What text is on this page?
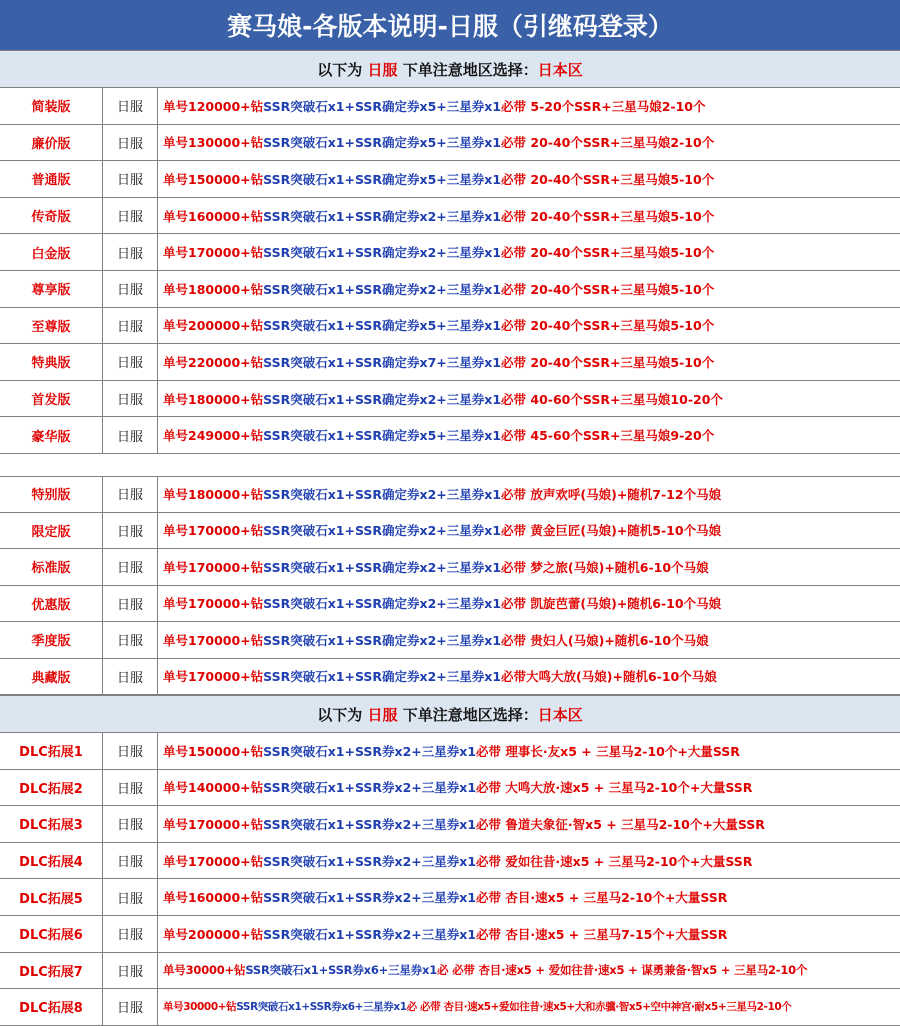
赛马娘-各版本说明-日服（引继码登录）
以下为
日服
下单注意地区选择： 日本区
简装版	日服	单号120000+钻 SSR突破石x1+SSR确定券x5+三星券x1 必带 5-20个SSR+三星马娘2-10个
廉价版	日服	单号130000+钻 SSR突破石x1+SSR确定券x5+三星券x1 必带 20-40个SSR+三星马娘2-10个
普通版	日服	单号150000+钻 SSR突破石x1+SSR确定券x5+三星券x1 必带 20-40个SSR+三星马娘5-10个
传奇版	日服	单号160000+钻 SSR突破石x1+SSR确定券x2+三星券x1 必带 20-40个SSR+三星马娘5-10个
白金版	日服	单号170000+钻 SSR突破石x1+SSR确定券x2+三星券x1 必带 20-40个SSR+三星马娘5-10个
尊享版	日服	单号180000+钻 SSR突破石x1+SSR确定券x2+三星券x1 必带 20-40个SSR+三星马娘5-10个
至尊版	日服	单号200000+钻 SSR突破石x1+SSR确定券x5+三星券x1 必带 20-40个SSR+三星马娘5-10个
特典版	日服	单号220000+钻 SSR突破石x1+SSR确定券x7+三星券x1 必带 20-40个SSR+三星马娘5-10个
首发版	日服	单号180000+钻 SSR突破石x1+SSR确定券x2+三星券x1 必带 40-60个SSR+三星马娘10-20个
豪华版	日服	单号249000+钻 SSR突破石x1+SSR确定券x5+三星券x1 必带 45-60个SSR+三星马娘9-20个
特别版	日服	单号180000+钻 SSR突破石x1+SSR确定券x2+三星券x1 必带 放声欢呼(马娘)+随机7-12个马娘
限定版	日服	单号170000+钻 SSR突破石x1+SSR确定券x2+三星券x1 必带 黄金巨匠(马娘)+随机5-10个马娘
标准版	日服	单号170000+钻 SSR突破石x1+SSR确定券x2+三星券x1 必带 梦之旅(马娘)+随机6-10个马娘
优惠版	日服	单号170000+钻 SSR突破石x1+SSR确定券x2+三星券x1 必带 凯旋芭蕾(马娘)+随机6-10个马娘
季度版	日服	单号170000+钻 SSR突破石x1+SSR确定券x2+三星券x1 必带 贵妇人(马娘)+随机6-10个马娘
典藏版	日服	单号170000+钻 SSR突破石x1+SSR确定券x2+三星券x1 必带大鸣大放(马娘)+随机6-10个马娘
以下为
日服
下单注意地区选择： 日本区
DLC拓展1	日服	单号150000+钻 SSR突破石x1+SSR券x2+三星券x1 必带 理事长·友x5 + 三星马2-10个+大量SSR
DLC拓展2	日服	单号140000+钻 SSR突破石x1+SSR券x2+三星券x1 必带 大鸣大放·速x5 + 三星马2-10个+大量SSR
DLC拓展3	日服	单号170000+钻 SSR突破石x1+SSR券x2+三星券x1 必带 鲁道夫象征·智x5 + 三星马2-10个+大量SSR
DLC拓展4	日服	单号170000+钻 SSR突破石x1+SSR券x2+三星券x1 必带 爱如往昔·速x5 + 三星马2-10个+大量SSR
DLC拓展5	日服	单号160000+钻 SSR突破石x1+SSR券x2+三星券x1 必带 杏目·速x5 + 三星马2-10个+大量SSR
DLC拓展6	日服	单号200000+钻 SSR突破石x1+SSR券x2+三星券x1 必带 杏目·速x5 + 三星马7-15个+大量SSR
DLC拓展7	日服	单号30000+钻 SSR突破石x1+SSR券x6+三星券x1 必 必带 杏目·速x5 + 爱如往昔·速x5 + 谋勇兼备·智x5 + 三星马2-10个
DLC拓展8	日服	单号30000+钻 SSR突破石x1+SSR券x6+三星券x1 必 必带 杏目·速x5+爱如往昔·速x5+大和赤骥·智x5+空中神宫·耐x5+三星马2-10个
